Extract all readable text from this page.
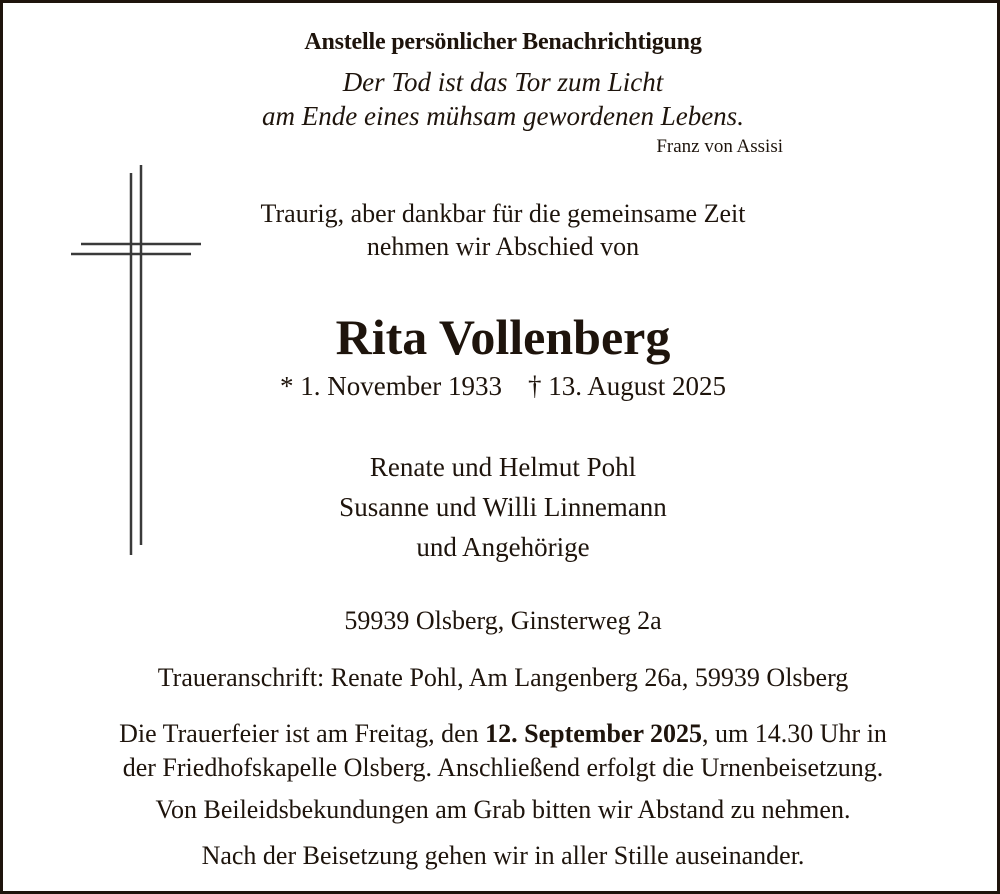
Anstelle persönlicher Benachrichtigung
Der Tod ist das Tor zum Licht
am Ende eines mühsam gewordenen Lebens.
Franz von Assisi
Traurig, aber dankbar für die gemeinsame Zeit
nehmen wir Abschied von
Rita Vollenberg
* 1. November 1933 † 13. August 2025
Renate und Helmut Pohl
Susanne und Willi Linnemann
und Angehörige
59939 Olsberg, Ginsterweg 2a
Traueranschrift: Renate Pohl, Am Langenberg 26a, 59939 Olsberg
Die Trauerfeier ist am Freitag, den 12. September 2025, um 14.30 Uhr in
der Friedhofskapelle Olsberg. Anschließend erfolgt die Urnenbeisetzung.
Von Beileidsbekundungen am Grab bitten wir Abstand zu nehmen.
Nach der Beisetzung gehen wir in aller Stille auseinander.
